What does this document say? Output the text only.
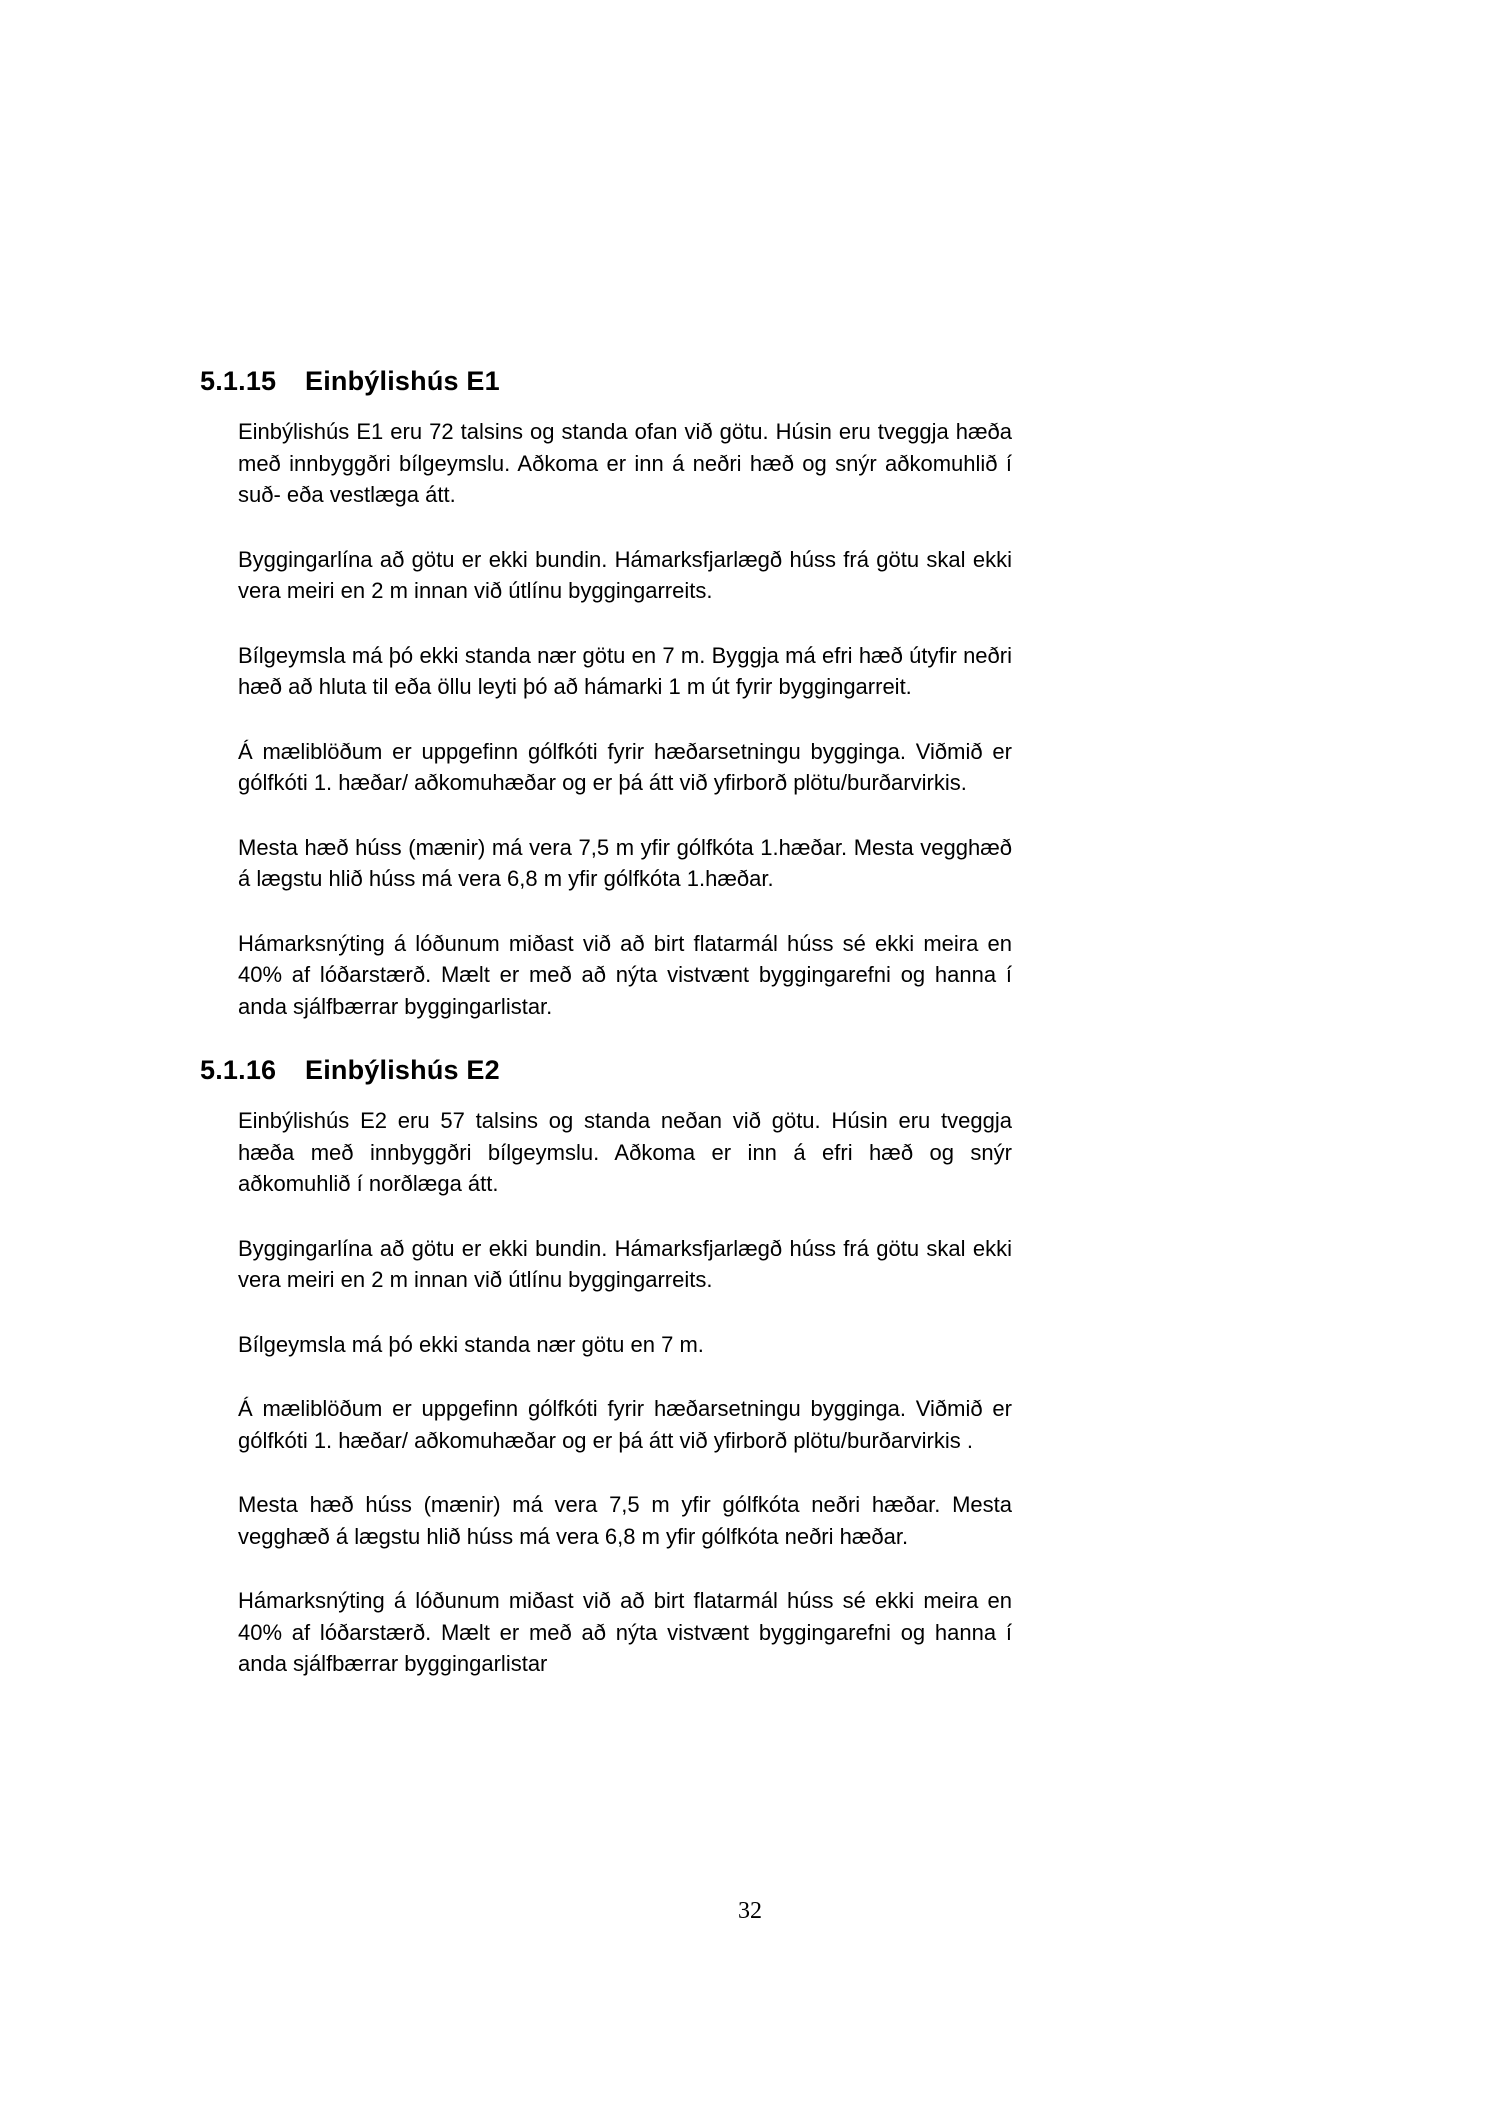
5.1.15	Einbýlishús E1

Einbýlishús E1 eru 72 talsins og standa ofan við götu. Húsin eru tveggja hæða með innbyggðri bílgeymslu. Aðkoma er inn á neðri hæð og snýr aðkomuhlið í suð- eða vestlæga átt.

Byggingarlína að götu er ekki bundin. Hámarksfjarlægð húss frá götu skal ekki vera meiri en 2 m innan við útlínu byggingarreits.

Bílgeymsla má þó ekki standa nær götu en 7 m. Byggja má efri hæð útyfir neðri hæð að hluta til eða öllu leyti þó að hámarki 1 m út fyrir byggingarreit.

Á mæliblöðum er uppgefinn gólfkóti fyrir hæðarsetningu bygginga. Viðmið er gólfkóti 1. hæðar/ aðkomuhæðar og er þá átt við yfirborð plötu/burðarvirkis.

Mesta hæð húss (mænir) má vera 7,5 m yfir gólfkóta 1.hæðar. Mesta vegghæð á lægstu hlið húss má vera 6,8 m yfir gólfkóta 1.hæðar.

Hámarksnýting á lóðunum miðast við að birt flatarmál húss sé ekki meira en 40% af lóðarstærð. Mælt er með að nýta vistvænt byggingarefni og hanna í anda sjálfbærrar byggingarlistar.

5.1.16	Einbýlishús E2

Einbýlishús E2 eru 57 talsins og standa neðan við götu. Húsin eru tveggja hæða með innbyggðri bílgeymslu. Aðkoma er inn á efri hæð og snýr aðkomuhlið í norðlæga átt.

Byggingarlína að götu er ekki bundin. Hámarksfjarlægð húss frá götu skal ekki vera meiri en 2 m innan við útlínu byggingarreits.

Bílgeymsla má þó ekki standa nær götu en 7 m.

Á mæliblöðum er uppgefinn gólfkóti fyrir hæðarsetningu bygginga. Viðmið er gólfkóti 1. hæðar/ aðkomuhæðar og er þá átt við yfirborð plötu/burðarvirkis .

Mesta hæð húss (mænir) má vera 7,5 m yfir gólfkóta neðri hæðar. Mesta vegghæð á lægstu hlið húss má vera 6,8 m yfir gólfkóta neðri hæðar.

Hámarksnýting á lóðunum miðast við að birt flatarmál húss sé ekki meira en 40% af lóðarstærð. Mælt er með að nýta vistvænt byggingarefni og hanna í anda sjálfbærrar byggingarlistar

32
